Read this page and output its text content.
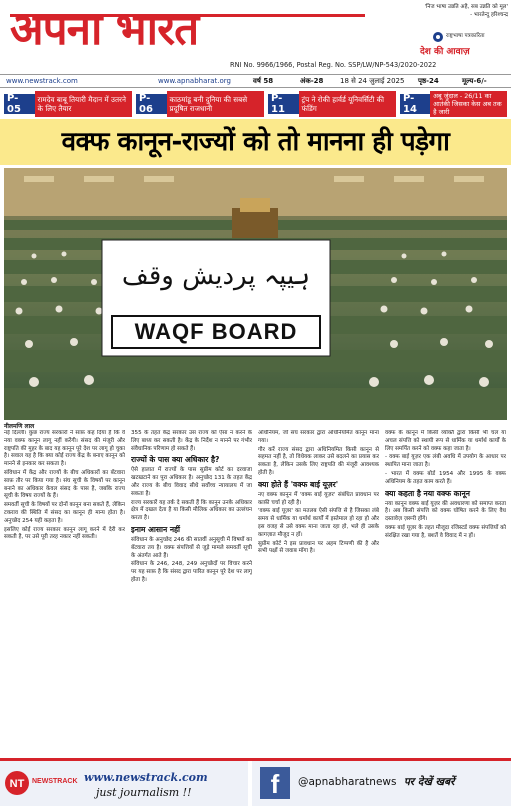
अपना भारत	'निज भाषा उन्नति अहै, सब उन्नति को मूल'
- भारतेन्दु हरिश्चन्द्र
राष्ट्रभाषा पत्रकारिता
देश की आवाज़
RNI No. 9966/1966, Postal Reg. No. SSP/LW/NP-543/2020-2022
www.newstrack.com	www.apnabharat.org	वर्ष 58	अंक-28 18 से 24 जुलाई 2025 पृष्ठ-24	मूल्य-6/-
P-05
रामदेव बाबू तियारी मैदान में उतरने के लिए तैयार
P-06
काठमांडू बनी दुनिया की सबसे प्रदूषित राजधानी
P-11
ट्रंप ने रोकी हार्वर्ड यूनिवर्सिटी की फंडिंग
P-14
अबू जुंदाल - 26/11 का आतंकी जिसका केस अब तक है जारी
वक्फ कानून-राज्यों को तो मानना ही पड़ेगा
ہیپہ پردیش وقف
WAQF BOARD
नीलमणि लाल

नई दिल्ली। कुछ राज्य सरकारों ने साफ़ कह दिया है कि वे नया वक्फ कानून लागू नहीं करेंगी। संसद की मंजूरी और राष्ट्रपति की मुहर के बाद यह कानून पूरे देश पर लागू हो चुका है। सवाल यह है कि क्या कोई राज्य केंद्र के बनाए कानून को मानने से इनकार कर सकता है।

संविधान में केंद्र और राज्यों के बीच अधिकारों का बँटवारा साफ़ तौर पर किया गया है। संघ सूची के विषयों पर कानून बनाने का अधिकार केवल संसद के पास है, जबकि राज्य सूची के विषय राज्यों के हैं।

समवर्ती सूची के विषयों पर दोनों कानून बना सकते हैं, लेकिन टकराव की स्थिति में संसद का कानून ही मान्य होता है। अनुच्छेद 254 यही कहता है।

इसलिए कोई राज्य सरकार कानून लागू करने में देरी कर सकती है, पर उसे पूरी तरह नकार नहीं सकती।

355 के तहत केंद्र सरकार उस राज्य को ऐसा न करने के लिए बाध्य कर सकती है। केंद्र के निर्देश न मानने पर गंभीर संवैधानिक परिणाम हो सकते हैं।

राज्यों के पास क्या अधिकार है?

ऐसे हालात में राज्यों के पास सुप्रीम कोर्ट का दरवाजा खटखटाने का पूरा अधिकार है। अनुच्छेद 131 के तहत केंद्र और राज्य के बीच विवाद सीधे सर्वोच्च न्यायालय में जा सकता है।

राज्य सरकारें यह तर्क दे सकती हैं कि कानून उनके अधिकार क्षेत्र में दखल देता है या किसी मौलिक अधिकार का उल्लंघन करता है।

इनाम आसान नहीं

संविधान के अनुच्छेद 246 की सातवीं अनुसूची में विषयों का बँटवारा तय है। वक्फ संपत्तियों से जुड़े मामले समवर्ती सूची के अंतर्गत आते हैं।

संविधान के 246, 248, 249 अनुच्छेदों पर विचार करने पर यह साफ़ है कि संसद द्वारा पारित कानून पूरे देश पर लागू होता है।

अधिनियम, जो संघ सरकार द्वारा अधिनियमित कानून माना गया।

गौर करें राज्य संसद द्वारा अधिनियमित किसी कानून से सहमत नहीं है, तो विधेयक लाकर उसे बदलने का प्रयास कर सकता है, लेकिन उसके लिए राष्ट्रपति की मंजूरी आवश्यक होती है।

क्या होते हैं 'वक्फ बाई यूज़र'

नए वक्फ कानून में 'वक्फ बाई यूज़र' संबंधित प्रावधान पर काफ़ी चर्चा हो रही है।

'वक्फ बाई यूज़र' का मतलब ऐसी संपत्ति से है जिसका लंबे समय से धार्मिक या धर्मार्थ कार्यों में इस्तेमाल हो रहा हो और इस वजह से उसे वक्फ माना जाता रहा हो, भले ही उसके कागज़ात मौजूद न हों।

सुप्रीम कोर्ट ने इस प्रावधान पर अहम टिप्पणी की है और सभी पक्षों से जवाब माँगा है।

वक्फ के कानून में किसी व्यक्ति द्वारा किसी भी चल या अचल संपत्ति को स्थायी रूप से धार्मिक या धर्मार्थ कार्यों के लिए समर्पित करने को वक्फ कहा जाता है।

- वक्फ बाई यूज़र एक लंबी अवधि में उपयोग के आधार पर स्थापित माना जाता है।

- भारत में वक्फ बोर्ड 1954 और 1995 के वक्फ अधिनियम के तहत काम करते हैं।

क्या कहता है नया वक्फ कानून

नया कानून वक्फ बाई यूज़र की अवधारणा को समाप्त करता है। अब किसी संपत्ति को वक्फ घोषित करने के लिए वैध दस्तावेज़ ज़रूरी होंगे।

वक्फ बाई यूज़र के तहत मौजूदा रजिस्टर्ड वक्फ संपत्तियों को संरक्षित रखा गया है, बशर्ते वे विवाद में न हों।

NT NEWSTRACK www.newstrack.com
just journalism !!	f	@apnabharatnews पर देखें खबरें
